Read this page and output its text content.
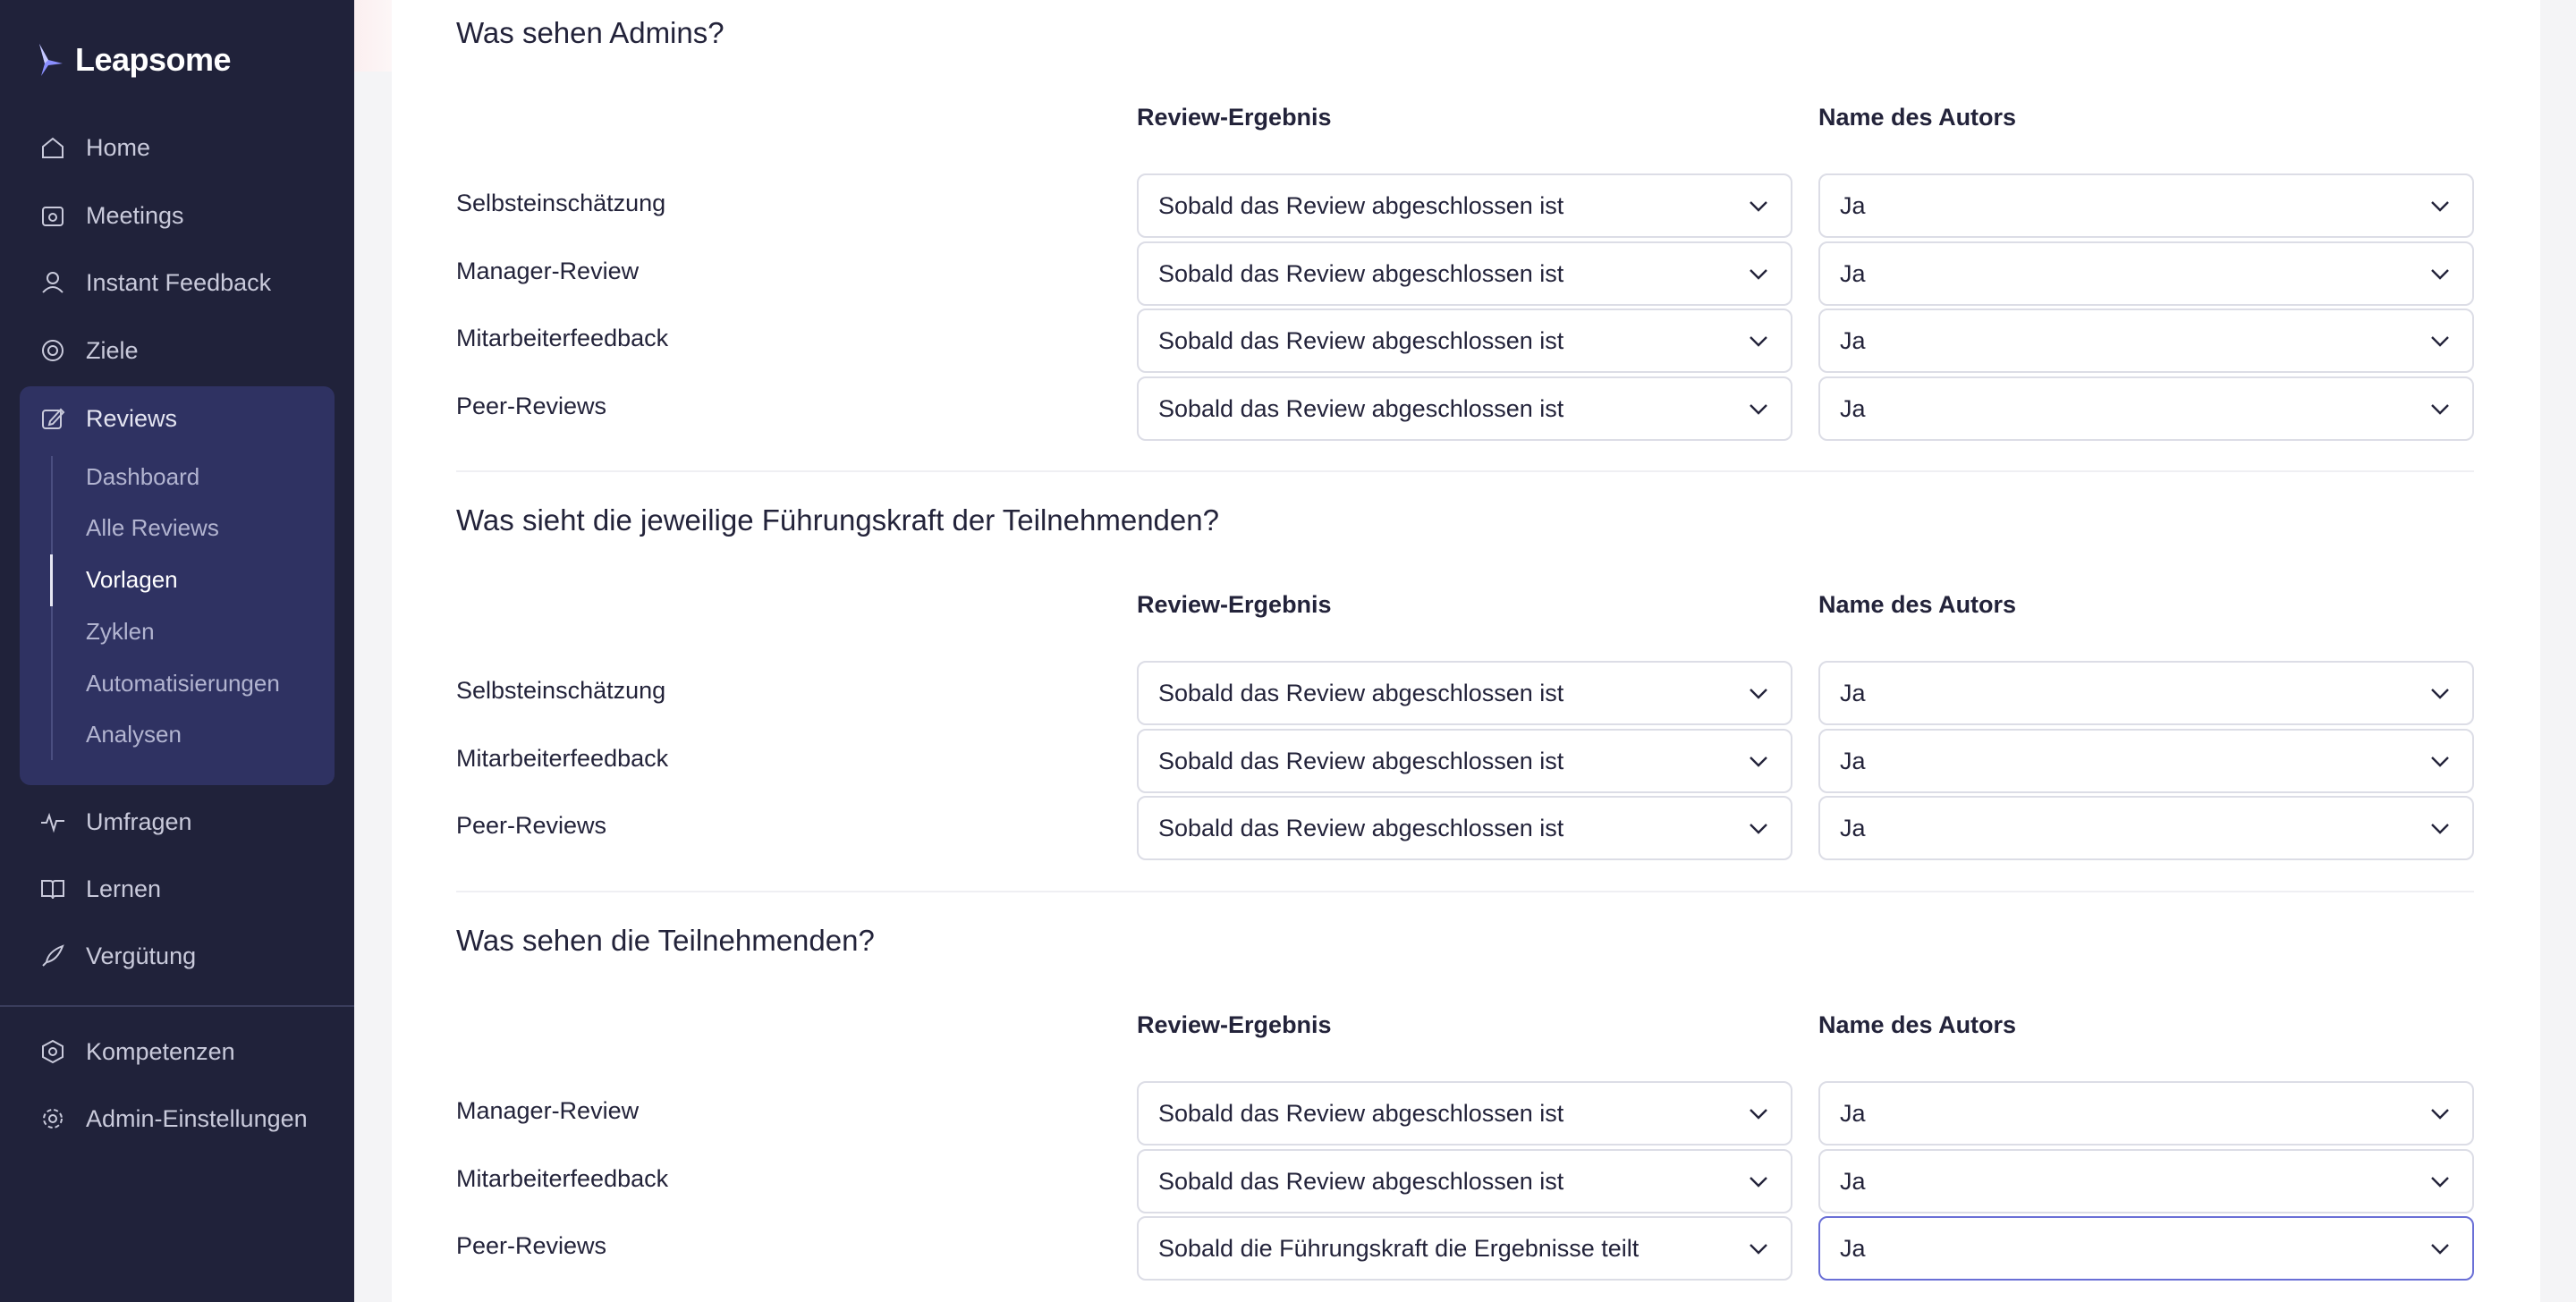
Leapsome
Home
Meetings
Instant Feedback
Ziele
Reviews
Dashboard
Alle Reviews
Vorlagen
Zyklen
Automatisierungen
Analysen
Umfragen
Lernen
Vergütung
Kompetenzen
Admin-Einstellungen
Was sehen Admins?
Review-Ergebnis	Name des Autors
Selbsteinschätzung	Sobald das Review abgeschlossen ist	Ja
Manager-Review	Sobald das Review abgeschlossen ist	Ja
Mitarbeiterfeedback	Sobald das Review abgeschlossen ist	Ja
Peer-Reviews	Sobald das Review abgeschlossen ist	Ja
Was sieht die jeweilige Führungskraft der Teilnehmenden?
Review-Ergebnis	Name des Autors
Selbsteinschätzung	Sobald das Review abgeschlossen ist	Ja
Mitarbeiterfeedback	Sobald das Review abgeschlossen ist	Ja
Peer-Reviews	Sobald das Review abgeschlossen ist	Ja
Was sehen die Teilnehmenden?
Review-Ergebnis	Name des Autors
Manager-Review	Sobald das Review abgeschlossen ist	Ja
Mitarbeiterfeedback	Sobald das Review abgeschlossen ist	Ja
Peer-Reviews	Sobald die Führungskraft die Ergebnisse teilt	Ja
